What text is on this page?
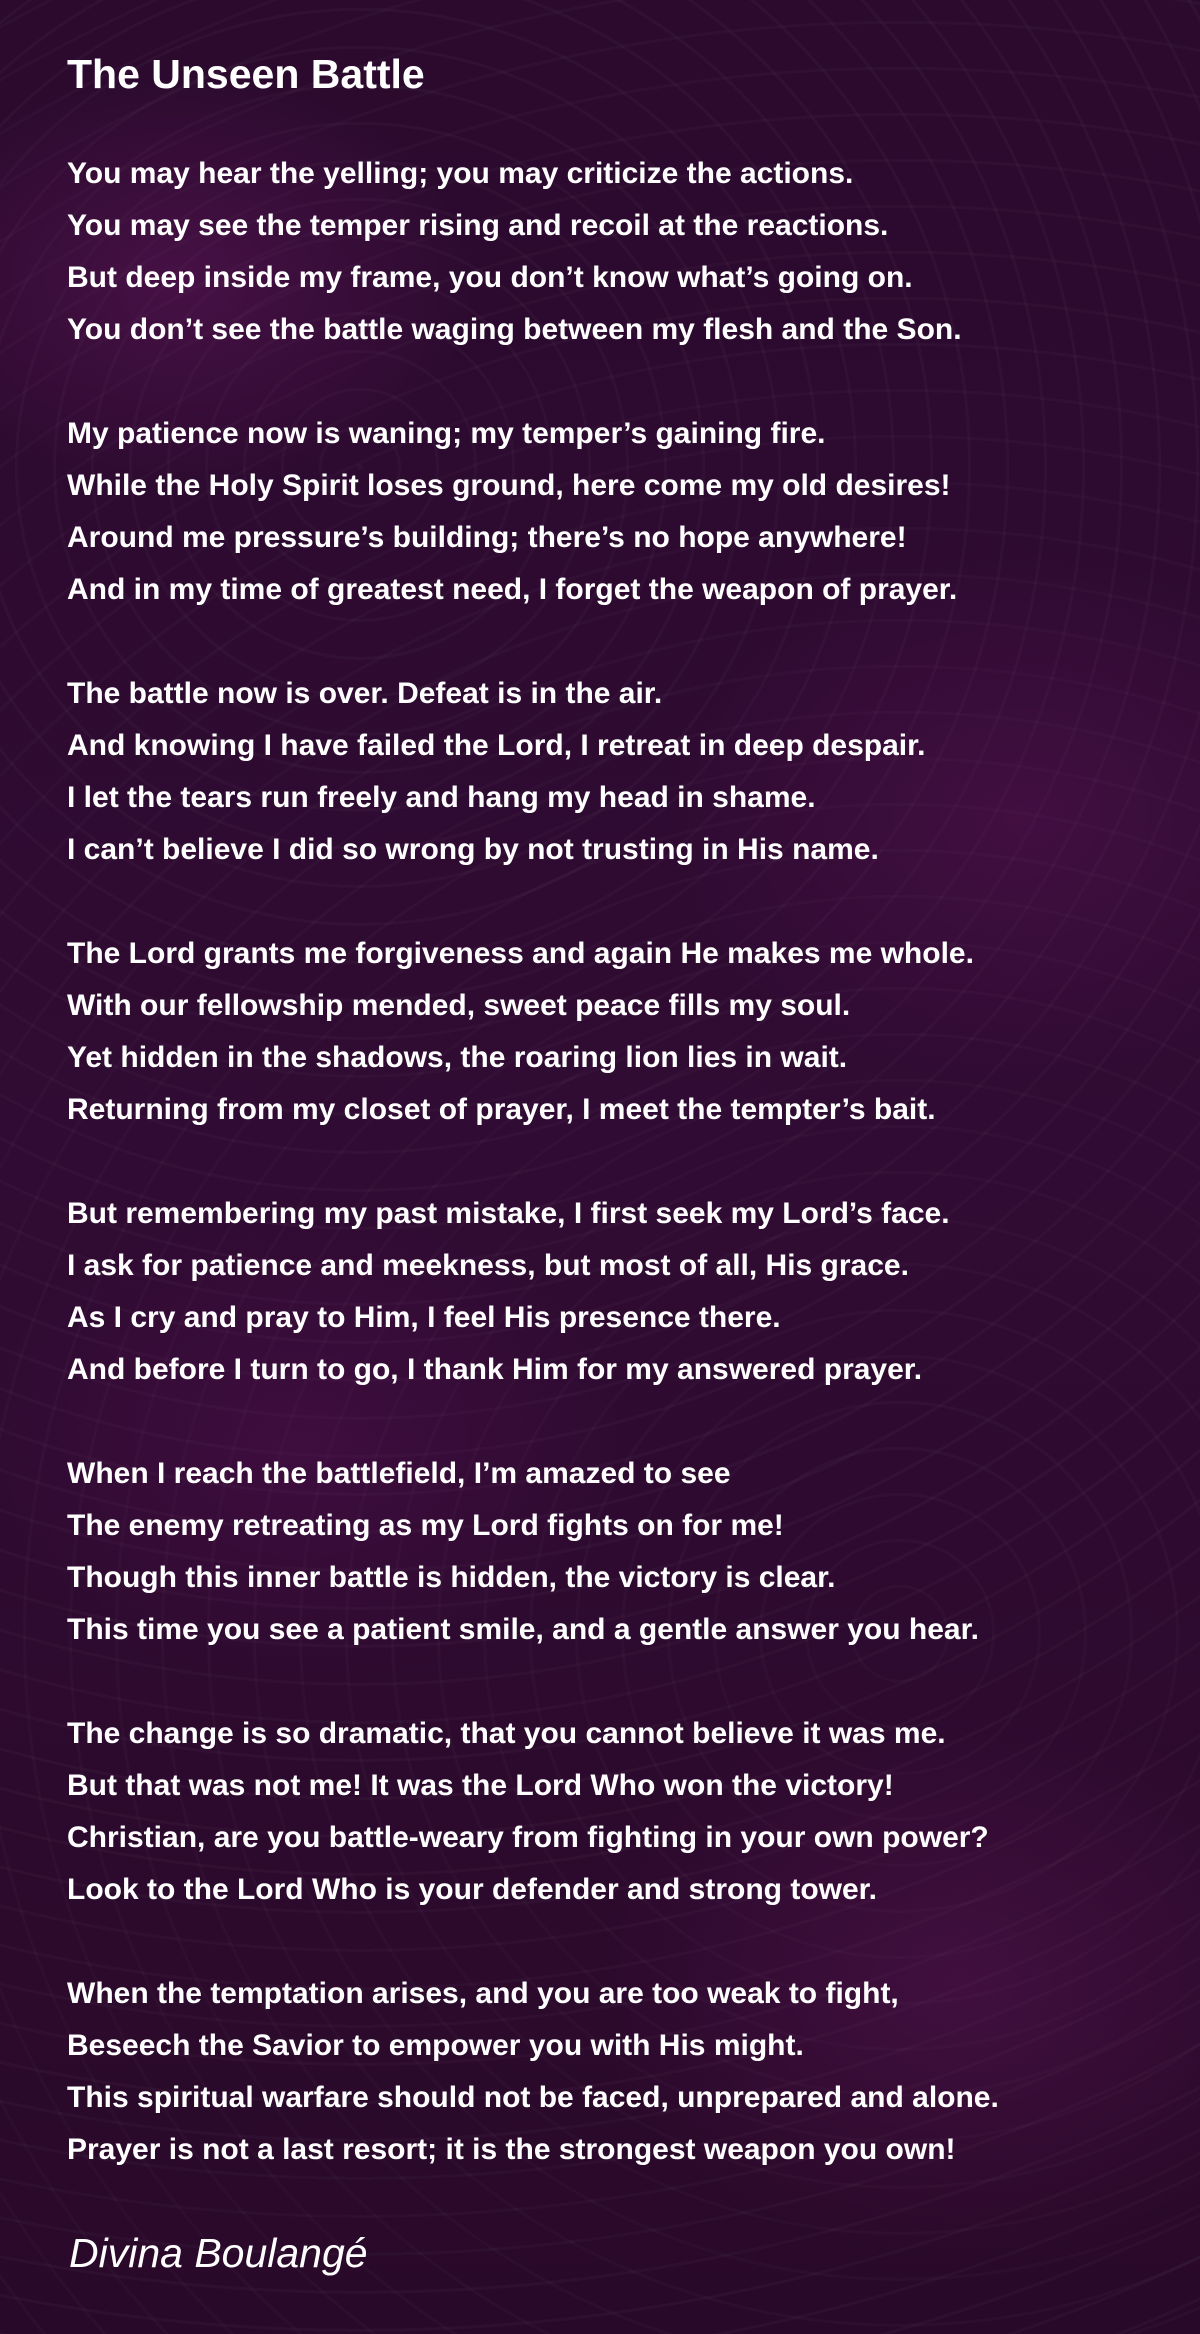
The Unseen Battle
You may hear the yelling; you may criticize the actions.
You may see the temper rising and recoil at the reactions.
But deep inside my frame, you don’t know what’s going on.
You don’t see the battle waging between my flesh and the Son.
My patience now is waning; my temper’s gaining fire.
While the Holy Spirit loses ground, here come my old desires!
Around me pressure’s building; there’s no hope anywhere!
And in my time of greatest need, I forget the weapon of prayer.
The battle now is over. Defeat is in the air.
And knowing I have failed the Lord, I retreat in deep despair.
I let the tears run freely and hang my head in shame.
I can’t believe I did so wrong by not trusting in His name.
The Lord grants me forgiveness and again He makes me whole.
With our fellowship mended, sweet peace fills my soul.
Yet hidden in the shadows, the roaring lion lies in wait.
Returning from my closet of prayer, I meet the tempter’s bait.
But remembering my past mistake, I first seek my Lord’s face.
I ask for patience and meekness, but most of all, His grace.
As I cry and pray to Him, I feel His presence there.
And before I turn to go, I thank Him for my answered prayer.
When I reach the battlefield, I’m amazed to see
The enemy retreating as my Lord fights on for me!
Though this inner battle is hidden, the victory is clear.
This time you see a patient smile, and a gentle answer you hear.
The change is so dramatic, that you cannot believe it was me.
But that was not me! It was the Lord Who won the victory!
Christian, are you battle-weary from fighting in your own power?
Look to the Lord Who is your defender and strong tower.
When the temptation arises, and you are too weak to fight,
Beseech the Savior to empower you with His might.
This spiritual warfare should not be faced, unprepared and alone.
Prayer is not a last resort; it is the strongest weapon you own!

Divina Boulangé
